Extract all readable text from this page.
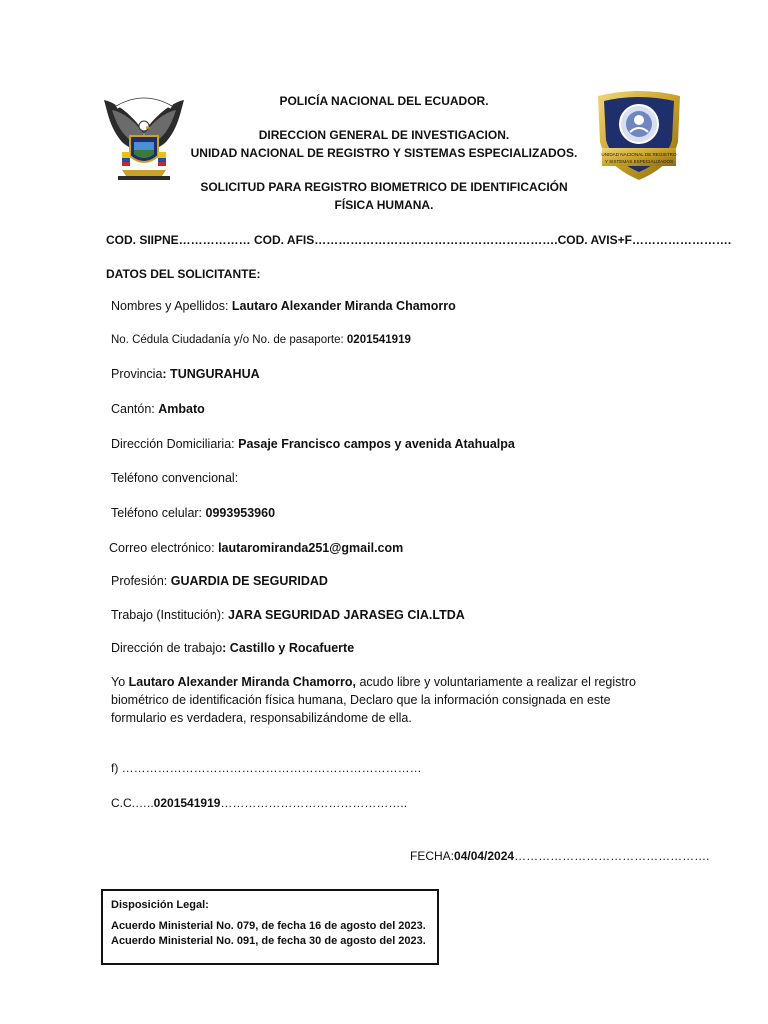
UNIDAD NACIONAL DE REGISTRO
Y SISTEMAS ESPECIALIZADOS
POLICÍA NACIONAL DEL ECUADOR.
DIRECCION GENERAL DE INVESTIGACION.
UNIDAD NACIONAL DE REGISTRO Y SISTEMAS ESPECIALIZADOS.
SOLICITUD PARA REGISTRO BIOMETRICO DE IDENTIFICACIÓN
FÍSICA HUMANA.
COD. SIIPNE……………… COD. AFIS…………………………………………………….COD. AVIS+F…………………….
DATOS DEL SOLICITANTE:
Nombres y Apellidos: Lautaro Alexander Miranda Chamorro
No. Cédula Ciudadanía y/o No. de pasaporte: 0201541919
Provincia: TUNGURAHUA
Cantón: Ambato
Dirección Domiciliaria: Pasaje Francisco campos y avenida Atahualpa
Teléfono convencional:
Teléfono celular: 0993953960
Correo electrónico: lautaromiranda251@gmail.com
Profesión: GUARDIA DE SEGURIDAD
Trabajo (Institución): JARA SEGURIDAD JARASEG CIA.LTDA
Dirección de trabajo: Castillo y Rocafuerte
Yo Lautaro Alexander Miranda Chamorro, acudo libre y voluntariamente a realizar el registro biométrico de identificación física humana, Declaro que la información consignada en este formulario es verdadera, responsabilizándome de ella.
f) …………………………………………………………………
C.C.…..0201541919………………………………………..
FECHA:04/04/2024………………………………………….
Disposición Legal:
Acuerdo Ministerial No. 079, de fecha 16 de agosto del 2023.
Acuerdo Ministerial No. 091, de fecha 30 de agosto del 2023.
